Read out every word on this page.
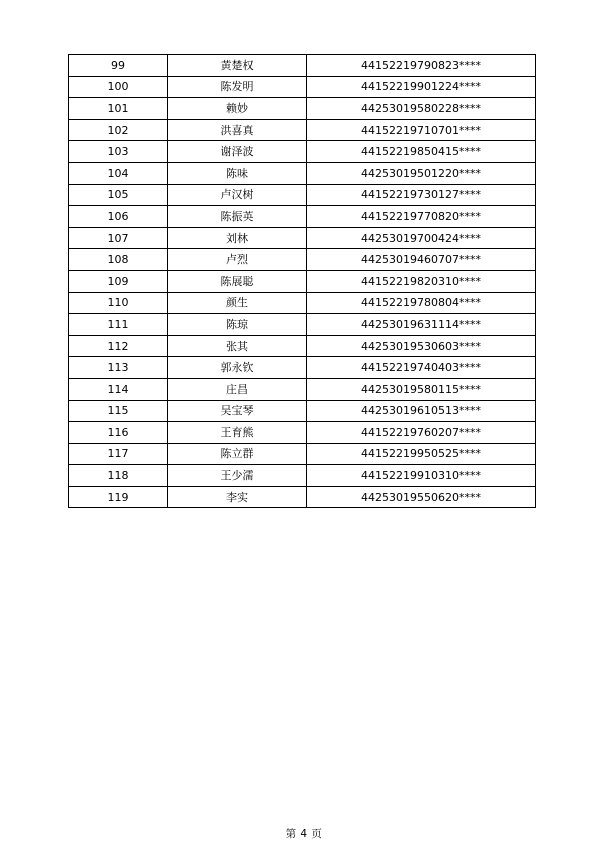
99	黄楚权	44152219790823****
100	陈发明	44152219901224****
101	赖妙	44253019580228****
102	洪喜真	44152219710701****
103	谢泽波	44152219850415****
104	陈味	44253019501220****
105	卢汉树	44152219730127****
106	陈振英	44152219770820****
107	刘林	44253019700424****
108	卢烈	44253019460707****
109	陈展聪	44152219820310****
110	颜生	44152219780804****
111	陈琼	44253019631114****
112	张其	44253019530603****
113	郭永钦	44152219740403****
114	庄昌	44253019580115****
115	吴宝琴	44253019610513****
116	王育熊	44152219760207****
117	陈立群	44152219950525****
118	王少濡	44152219910310****
119	李实	44253019550620****
第 4 页
